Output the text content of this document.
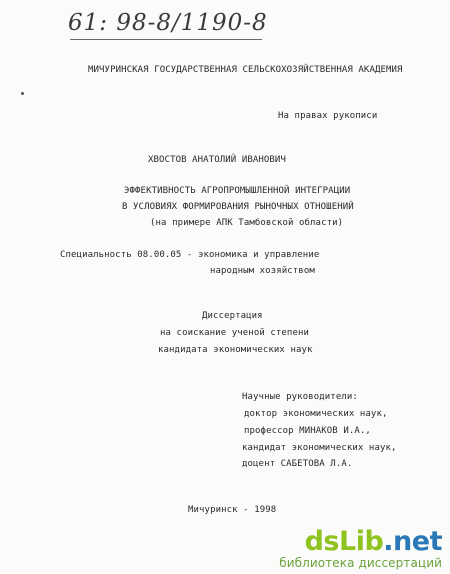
61: 98-8/1190-8
МИЧУРИНСКАЯ ГОСУДАРСТВЕННАЯ СЕЛЬСКОХОЗЯЙСТВЕННАЯ АКАДЕМИЯ
На правах рукописи
ХВОСТОВ АНАТОЛИЙ ИВАНОВИЧ
ЭФФЕКТИВНОСТЬ АГРОПРОМЫШЛЕННОЙ ИНТЕГРАЦИИ
В УСЛОВИЯХ ФОРМИРОВАНИЯ РЫНОЧНЫХ ОТНОШЕНИЙ
(на примере АПК Тамбовской области)
Специальность 08.00.05 - экономика и управление
народным хозяйством
Диссертация
на соискание ученой степени
кандидата экономических наук
Научные руководители:
доктор экономических наук,
профессор МИНАКОВ И.А.,
кандидат экономических наук,
доцент САБЕТОВА Л.А.
Мичуринск - 1998
dsLib.net
библиотека диссертаций
